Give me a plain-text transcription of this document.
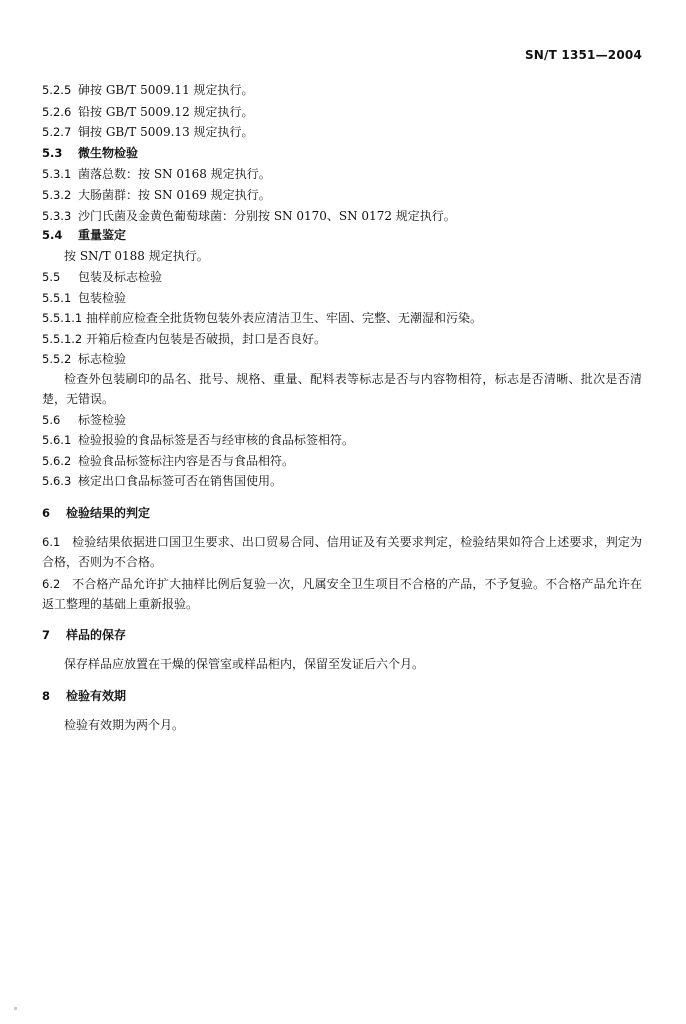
SN/T 1351—2004
5.2.5 砷按 GB/T 5009.11 规定执行。
5.2.6 铅按 GB/T 5009.12 规定执行。
5.2.7 铜按 GB/T 5009.13 规定执行。
5.3 微生物检验
5.3.1 菌落总数：按 SN 0168 规定执行。
5.3.2 大肠菌群：按 SN 0169 规定执行。
5.3.3 沙门氏菌及金黄色葡萄球菌：分别按 SN 0170、SN 0172 规定执行。
5.4 重量鉴定
按 SN/T 0188 规定执行。
5.5 包装及标志检验
5.5.1 包装检验
5.5.1.1 抽样前应检查全批货物包装外表应清洁卫生、牢固、完整、无潮湿和污染。
5.5.1.2 开箱后检查内包装是否破损，封口是否良好。
5.5.2 标志检验
检查外包装刷印的品名、批号、规格、重量、配料表等标志是否与内容物相符，标志是否清晰、批次是否清楚，无错误。
5.6 标签检验
5.6.1 检验报验的食品标签是否与经审核的食品标签相符。
5.6.2 检验食品标签标注内容是否与食品相符。
5.6.3 核定出口食品标签可否在销售国使用。
6 检验结果的判定
6.1 检验结果依据进口国卫生要求、出口贸易合同、信用证及有关要求判定，检验结果如符合上述要求，判定为合格，否则为不合格。
6.2 不合格产品允许扩大抽样比例后复验一次，凡属安全卫生项目不合格的产品，不予复验。不合格产品允许在返工整理的基础上重新报验。
7 样品的保存
保存样品应放置在干燥的保管室或样品柜内，保留至发证后六个月。
8 检验有效期
检验有效期为两个月。
